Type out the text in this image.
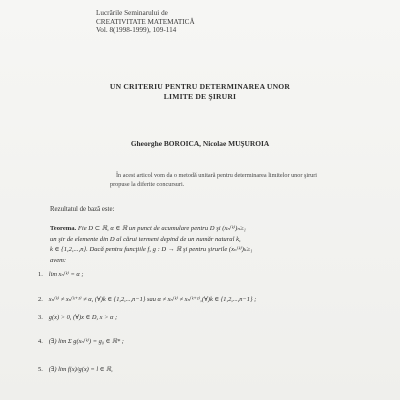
Lucrările Seminarului de
CREATIVITATE MATEMATICĂ
Vol. 8(1998-1999), 109-114
UN CRITERIU PENTRU DETERMINAREA UNOR
LIMITE DE ŞIRURI
Gheorghe BOROICA, Nicolae MUŞUROIA
În acest articol vom da o metodă unitară pentru determinarea limitelor unor şiruri propuse la diferite concursuri.
Rezultatul de bază este:
Teorema. Fie D ⊂ ℝ, α ∈ ℝ un punct de acumulare pentru D şi (xₙ⁽ᵏ⁾)ₙ≥₁
un şir de elemente din D al cărui termeni depind de un număr natural k,
k ∈ {1,2,...,n}. Dacă pentru funcţiile f, g : D → ℝ şi pentru şirurile (xₙ⁽ᵏ⁾)ₖ≥₁
avem:
1. lim xₙ⁽ᵏ⁾ = α ;
2. xₙ⁽ᵏ⁾ ≠ xₙ⁽ᵏ⁺¹⁾ ≠ α, (∀)k ∈ {1,2,...,n−1} sau α ≠ xₙ⁽ᵏ⁾ ≠ xₙ⁽ᵏ⁺¹⁾,(∀)k ∈ {1,2,...,n−1} ;
3. g(x) > 0, (∀)x ∈ D, x > α ;
4. (∃) lim Σ g(xₙ⁽ᵏ⁾) = g₀ ∈ ℝ* ;
5. (∃) lim f(x)/g(x) = l ∈ ℝ,
